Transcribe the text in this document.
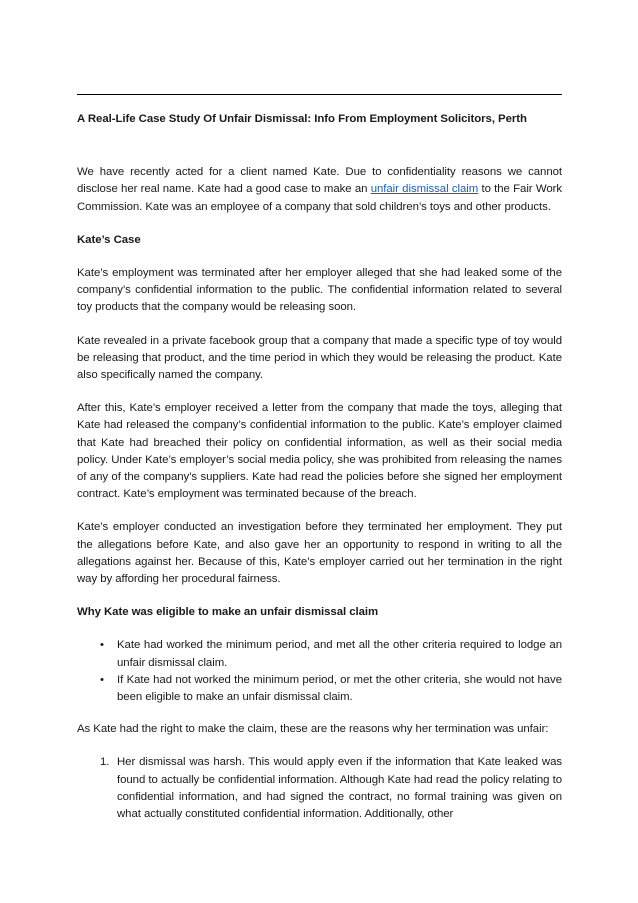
A Real-Life Case Study Of Unfair Dismissal: Info From Employment Solicitors, Perth

We have recently acted for a client named Kate. Due to confidentiality reasons we cannot disclose her real name. Kate had a good case to make an unfair dismissal claim to the Fair Work Commission. Kate was an employee of a company that sold children’s toys and other products.

Kate’s Case

Kate’s employment was terminated after her employer alleged that she had leaked some of the company’s confidential information to the public. The confidential information related to several toy products that the company would be releasing soon.

Kate revealed in a private facebook group that a company that made a specific type of toy would be releasing that product, and the time period in which they would be releasing the product. Kate also specifically named the company.

After this, Kate’s employer received a letter from the company that made the toys, alleging that Kate had released the company’s confidential information to the public. Kate’s employer claimed that Kate had breached their policy on confidential information, as well as their social media policy. Under Kate’s employer’s social media policy, she was prohibited from releasing the names of any of the company’s suppliers. Kate had read the policies before she signed her employment contract. Kate’s employment was terminated because of the breach.

Kate’s employer conducted an investigation before they terminated her employment. They put the allegations before Kate, and also gave her an opportunity to respond in writing to all the allegations against her. Because of this, Kate’s employer carried out her termination in the right way by affording her procedural fairness.

Why Kate was eligible to make an unfair dismissal claim

• Kate had worked the minimum period, and met all the other criteria required to lodge an unfair dismissal claim.
• If Kate had not worked the minimum period, or met the other criteria, she would not have been eligible to make an unfair dismissal claim.

As Kate had the right to make the claim, these are the reasons why her termination was unfair:

1. Her dismissal was harsh. This would apply even if the information that Kate leaked was found to actually be confidential information. Although Kate had read the policy relating to confidential information, and had signed the contract, no formal training was given on what actually constituted confidential information. Additionally, other
